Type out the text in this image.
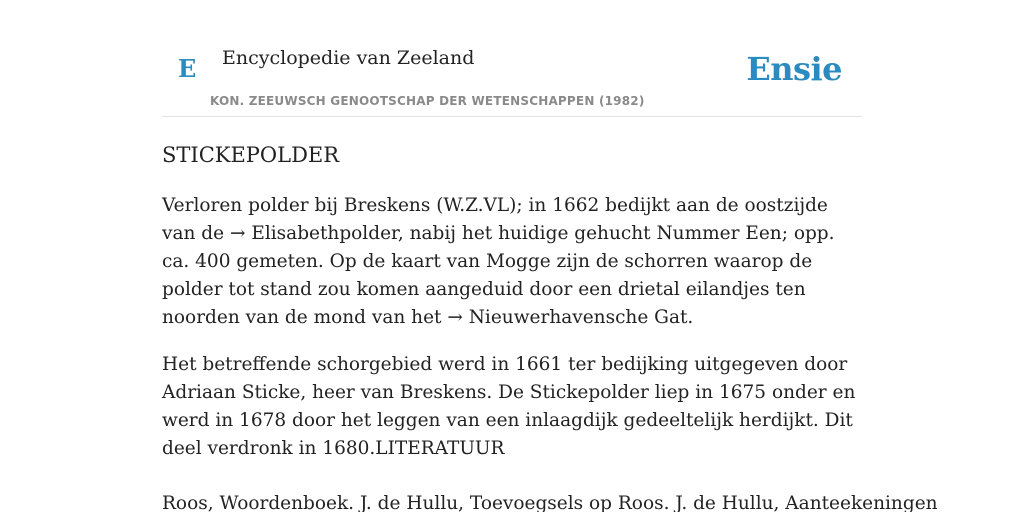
E Encyclopedie van Zeeland
KON. ZEEUWSCH GENOOTSCHAP DER WETENSCHAPPEN (1982)
Ensie
STICKEPOLDER

Verloren polder bij Breskens (W.Z.VL); in 1662 bedijkt aan de oostzijde van de → Elisabethpolder, nabij het huidige gehucht Nummer Een; opp. ca. 400 gemeten. Op de kaart van Mogge zijn de schorren waarop de polder tot stand zou komen aangeduid door een drietal eilandjes ten noorden van de mond van het → Nieuwerhavensche Gat.

Het betreffende schorgebied werd in 1661 ter bedijking uitgegeven door Adriaan Sticke, heer van Breskens. De Stickepolder liep in 1675 onder en werd in 1678 door het leggen van een inlaagdijk gedeeltelijk herdijkt. Dit deel verdronk in 1680.LITERATUUR

Roos, Woordenboek. J. de Hullu, Toevoegsels op Roos. J. de Hullu, Aanteekeningen
